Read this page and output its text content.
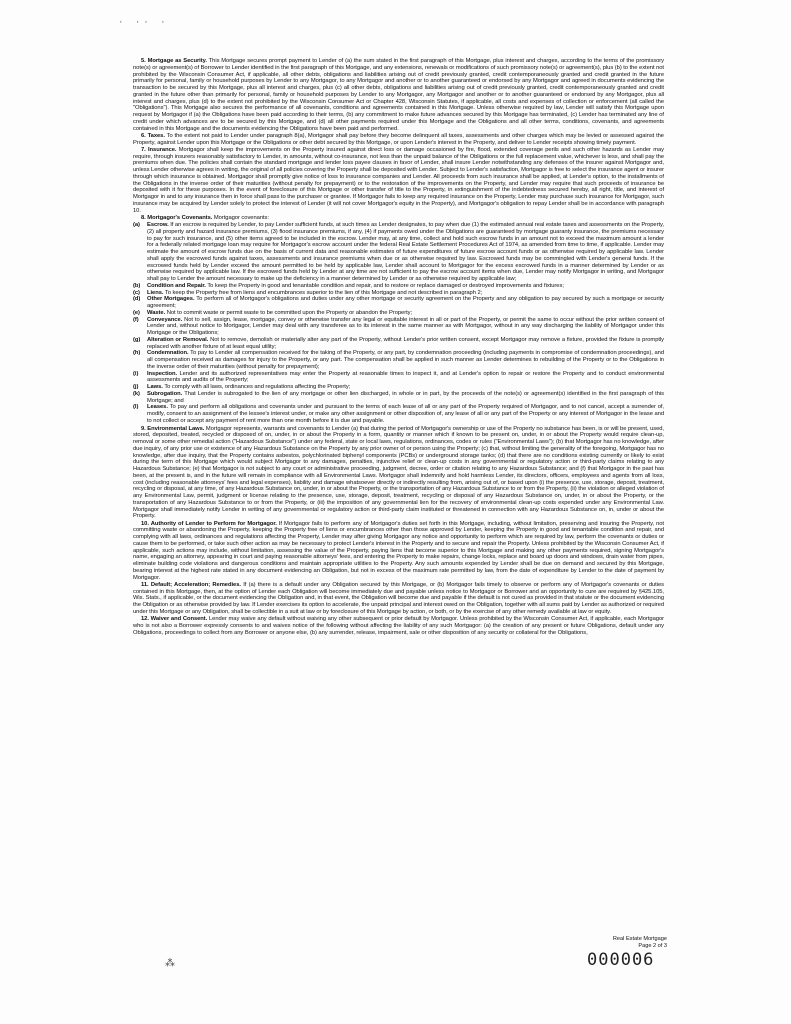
· ·· ·

5. Mortgage as Security. This Mortgage secures prompt payment to Lender of (a) the sum stated in the first paragraph of this Mortgage, plus interest and charges, according to the terms of the promissory note(s) or agreement(s) of Borrower to Lender identified in the first paragraph of this Mortgage, and any extensions, renewals or modifications of such promissory note(s) or agreement(s), plus (b) to the extent not prohibited by the Wisconsin Consumer Act, if applicable, all other debts, obligations and liabilities arising out of credit previously granted, credit contemporaneously granted and credit granted in the future primarily for personal, family or household purposes by Lender to any Mortgagor, to any Mortgagor and another or to another guaranteed or endorsed by any Mortgagor and agreed in documents evidencing the transaction to be secured by this Mortgage, plus all interest and charges, plus (c) all other debts, obligations and liabilities arising out of credit previously granted, credit contemporaneously granted and credit granted in the future other than primarily for personal, family or household purposes by Lender to any Mortgagor, any Mortgagor and another or to another guaranteed or endorsed by any Mortgagor, plus all interest and charges, plus (d) to the extent not prohibited by the Wisconsin Consumer Act or Chapter 428, Wisconsin Statutes, if applicable, all costs and expenses of collection or enforcement (all called the "Obligations"). This Mortgage also secures the performance of all covenants, conditions and agreements contained in this Mortgage. Unless otherwise required by law, Lender will satisfy this Mortgage upon request by Mortgagor if (a) the Obligations have been paid according to their terms, (b) any commitment to make future advances secured by this Mortgage has terminated, (c) Lender has terminated any line of credit under which advances are to be secured by this Mortgage, and (d) all other payments required under this Mortgage and the Obligations and all other terms, conditions, covenants, and agreements contained in this Mortgage and the documents evidencing the Obligations have been paid and performed.

6. Taxes. To the extent not paid to Lender under paragraph 8(a), Mortgagor shall pay before they become delinquent all taxes, assessments and other charges which may be levied or assessed against the Property, against Lender upon this Mortgage or the Obligations or other debt secured by this Mortgage, or upon Lender's interest in the Property, and deliver to Lender receipts showing timely payment.

7. Insurance. Mortgagor shall keep the improvements on the Property insured against direct loss or damage occasioned by fire, flood, extended coverage perils and such other hazards as Lender may require, through insurers reasonably satisfactory to Lender, in amounts, without co-insurance, not less than the unpaid balance of the Obligations or the full replacement value, whichever is less, and shall pay the premiums when due. The policies shall contain the standard mortgage and lender loss payee clauses in favor of Lender, shall insure Lender notwithstanding any defenses of the insurer against Mortgagor and, unless Lender otherwise agrees in writing, the original of all policies covering the Property shall be deposited with Lender. Subject to Lender's satisfaction, Mortgagor is free to select the insurance agent or insurer through which insurance is obtained. Mortgagor shall promptly give notice of loss to insurance companies and Lender. All proceeds from such insurance shall be applied, at Lender's option, to the installments of the Obligations in the inverse order of their maturities (without penalty for prepayment) or to the restoration of the improvements on the Property, and Lender may require that such proceeds of insurance be deposited with it for these purposes. In the event of foreclosure of this Mortgage or other transfer of title to the Property, in extinguishment of the indebtedness secured hereby, all right, title, and interest of Mortgagor in and to any insurance then in force shall pass to the purchaser or grantee. If Mortgagor fails to keep any required insurance on the Property, Lender may purchase such insurance for Mortgagor, such insurance may be acquired by Lender solely to protect the interest of Lender (it will not cover Mortgagor's equity in the Property), and Mortgagor's obligation to repay Lender shall be in accordance with paragraph 10.

8. Mortgagor's Covenants. Mortgagor covenants:

(a)	Escrow. If an escrow is required by Lender, to pay Lender sufficient funds, at such times as Lender designates, to pay when due (1) the estimated annual real estate taxes and assessments on the Property, (2) all property and hazard insurance premiums, (3) flood insurance premiums, if any, (4) if payments owed under the Obligations are guaranteed by mortgage guaranty insurance, the premiums necessary to pay for such insurance, and (5) other items agreed to be included in the escrow. Lender may, at any time, collect and hold such escrow funds in an amount not to exceed the maximum amount a lender for a federally related mortgage loan may require for Mortgagor's escrow account under the federal Real Estate Settlement Procedures Act of 1974, as amended from time to time, if applicable. Lender may estimate the amount of escrow funds due on the basis of current data and reasonable estimates of future expenditures of future escrow account funds or as otherwise required by applicable law. Lender shall apply the escrowed funds against taxes, assessments and insurance premiums when due or as otherwise required by law. Escrowed funds may be commingled with Lender's general funds. If the escrowed funds held by Lender exceed the amount permitted to be held by applicable law, Lender shall account to Mortgagor for the excess escrowed funds in a manner determined by Lender or as otherwise required by applicable law. If the escrowed funds held by Lender at any time are not sufficient to pay the escrow account items when due, Lender may notify Mortgagor in writing, and Mortgagor shall pay to Lender the amount necessary to make up the deficiency in a manner determined by Lender or as otherwise required by applicable law;
(b)	Condition and Repair. To keep the Property in good and tenantable condition and repair, and to restore or replace damaged or destroyed improvements and fixtures;
(c)	Liens. To keep the Property free from liens and encumbrances superior to the lien of this Mortgage and not described in paragraph 2;
(d)	Other Mortgages. To perform all of Mortgagor's obligations and duties under any other mortgage or security agreement on the Property and any obligation to pay secured by such a mortgage or security agreement;
(e)	Waste. Not to commit waste or permit waste to be committed upon the Property or abandon the Property;
(f)	Conveyance. Not to sell, assign, lease, mortgage, convey or otherwise transfer any legal or equitable interest in all or part of the Property, or permit the same to occur without the prior written consent of Lender and, without notice to Mortgagor, Lender may deal with any transferee as to its interest in the same manner as with Mortgagor, without in any way discharging the liability of Mortgagor under this Mortgage or the Obligations;
(g)	Alteration or Removal. Not to remove, demolish or materially alter any part of the Property, without Lender's prior written consent, except Mortgagor may remove a fixture, provided the fixture is promptly replaced with another fixture of at least equal utility;
(h)	Condemnation. To pay to Lender all compensation received for the taking of the Property, or any part, by condemnation proceeding (including payments in compromise of condemnation proceedings), and all compensation received as damages for injury to the Property, or any part. The compensation shall be applied in such manner as Lender determines to rebuilding of the Property or to the Obligations in the inverse order of their maturities (without penalty for prepayment);
(i)	Inspection. Lender and its authorized representatives may enter the Property at reasonable times to inspect it, and at Lender's option to repair or restore the Property and to conduct environmental assessments and audits of the Property;
(j)	Laws. To comply with all laws, ordinances and regulations affecting the Property;
(k)	Subrogation. That Lender is subrogated to the lien of any mortgage or other lien discharged, in whole or in part, by the proceeds of the note(s) or agreement(s) identified in the first paragraph of this Mortgage; and
(l)	Leases. To pay and perform all obligations and covenants under and pursuant to the terms of each lease of all or any part of the Property required of Mortgagor, and to not cancel, accept a surrender of, modify, consent to an assignment of the lessee's interest under, or make any other assignment or other disposition of, any lease of all or any part of the Property or any interest of Mortgagor in the lease and to not collect or accept any payment of rent more than one month before it is due and payable.

9. Environmental Laws. Mortgagor represents, warrants and covenants to Lender (a) that during the period of Mortgagor's ownership or use of the Property no substance has been, is or will be present, used, stored, deposited, treated, recycled or disposed of on, under, in or about the Property in a form, quantity or manner which if known to be present on, under, in or about the Property would require clean-up, removal or some other remedial action ("Hazardous Substance") under any federal, state or local laws, regulations, ordinances, codes or rules ("Environmental Laws"); (b) that Mortgagor has no knowledge, after due inquiry, of any prior use or existence of any Hazardous Substance on the Property by any prior owner of or person using the Property; (c) that, without limiting the generality of the foregoing, Mortgagor has no knowledge, after due inquiry, that the Property contains asbestos, polychlorinated biphenyl components (PCBs) or underground storage tanks; (d) that there are no conditions existing currently or likely to exist during the term of this Mortgage which would subject Mortgagor to any damages, penalties, injunctive relief or clean-up costs in any governmental or regulatory action or third-party claims relating to any Hazardous Substance; (e) that Mortgagor is not subject to any court or administrative proceeding, judgment, decree, order or citation relating to any Hazardous Substance; and (f) that Mortgagor in the past has been, at the present is, and in the future will remain in compliance with all Environmental Laws. Mortgagor shall indemnify and hold harmless Lender, its directors, officers, employees and agents from all loss, cost (including reasonable attorneys' fees and legal expenses), liability and damage whatsoever directly or indirectly resulting from, arising out of, or based upon (i) the presence, use, storage, deposit, treatment, recycling or disposal, at any time, of any Hazardous Substance on, under, in or about the Property, or the transportation of any Hazardous Substance to or from the Property, (ii) the violation or alleged violation of any Environmental Law, permit, judgment or license relating to the presence, use, storage, deposit, treatment, recycling or disposal of any Hazardous Substance on, under, in or about the Property, or the transportation of any Hazardous Substance to or from the Property, or (iii) the imposition of any governmental lien for the recovery of environmental clean-up costs expended under any Environmental Law. Mortgagor shall immediately notify Lender in writing of any governmental or regulatory action or third-party claim instituted or threatened in connection with any Hazardous Substance on, in, under or about the Property.

10. Authority of Lender to Perform for Mortgagor. If Mortgagor fails to perform any of Mortgagor's duties set forth in this Mortgage, including, without limitation, preserving and insuring the Property, not committing waste or abandoning the Property, keeping the Property free of liens or encumbrances other than those approved by Lender, keeping the Property in good and tenantable condition and repair, and complying with all laws, ordinances and regulations affecting the Property, Lender may after giving Mortgagor any notice and opportunity to perform which are required by law, perform the covenants or duties or cause them to be performed, or take such other action as may be necessary to protect Lender's interest in the Property and to secure and repair the Property. Unless prohibited by the Wisconsin Consumer Act, if applicable, such actions may include, without limitation, assessing the value of the Property, paying liens that become superior to this Mortgage and making any other payments required, signing Mortgagor's name, engaging an attorney, appearing in court and paying reasonable attorneys' fees, and entering the Property to make repairs, change locks, replace and board up doors and windows, drain water from pipes, eliminate building code violations and dangerous conditions and maintain appropriate utilities to the Property. Any such amounts expended by Lender shall be due on demand and secured by this Mortgage, bearing interest at the highest rate stated in any document evidencing an Obligation, but not in excess of the maximum rate permitted by law, from the date of expenditure by Lender to the date of payment by Mortgagor.

11. Default; Acceleration; Remedies. If (a) there is a default under any Obligation secured by this Mortgage, or (b) Mortgagor fails timely to observe or perform any of Mortgagor's covenants or duties contained in this Mortgage, then, at the option of Lender each Obligation will become immediately due and payable unless notice to Mortgagor or Borrower and an opportunity to cure are required by §425.105, Wis. Stats., if applicable, or the document evidencing the Obligation and, in that event, the Obligation will become due and payable if the default is not cured as provided in that statute or the document evidencing the Obligation or as otherwise provided by law. If Lender exercises its option to accelerate, the unpaid principal and interest owed on the Obligation, together with all sums paid by Lender as authorized or required under this Mortgage or any Obligation, shall be collectible in a suit at law or by foreclosure of this Mortgage by action, or both, or by the exercise of any other remedy available at law or equity.

12. Waiver and Consent. Lender may waive any default without waiving any other subsequent or prior default by Mortgagor. Unless prohibited by the Wisconsin Consumer Act, if applicable, each Mortgagor who is not also a Borrower expressly consents to and waives notice of the following without affecting the liability of any such Mortgagor: (a) the creation of any present or future Obligations, default under any Obligations, proceedings to collect from any Borrower or anyone else, (b) any surrender, release, impairment, sale or other disposition of any security or collateral for the Obligations,

Real Estate Mortgage
Page 2 of 3
⁂	000006
